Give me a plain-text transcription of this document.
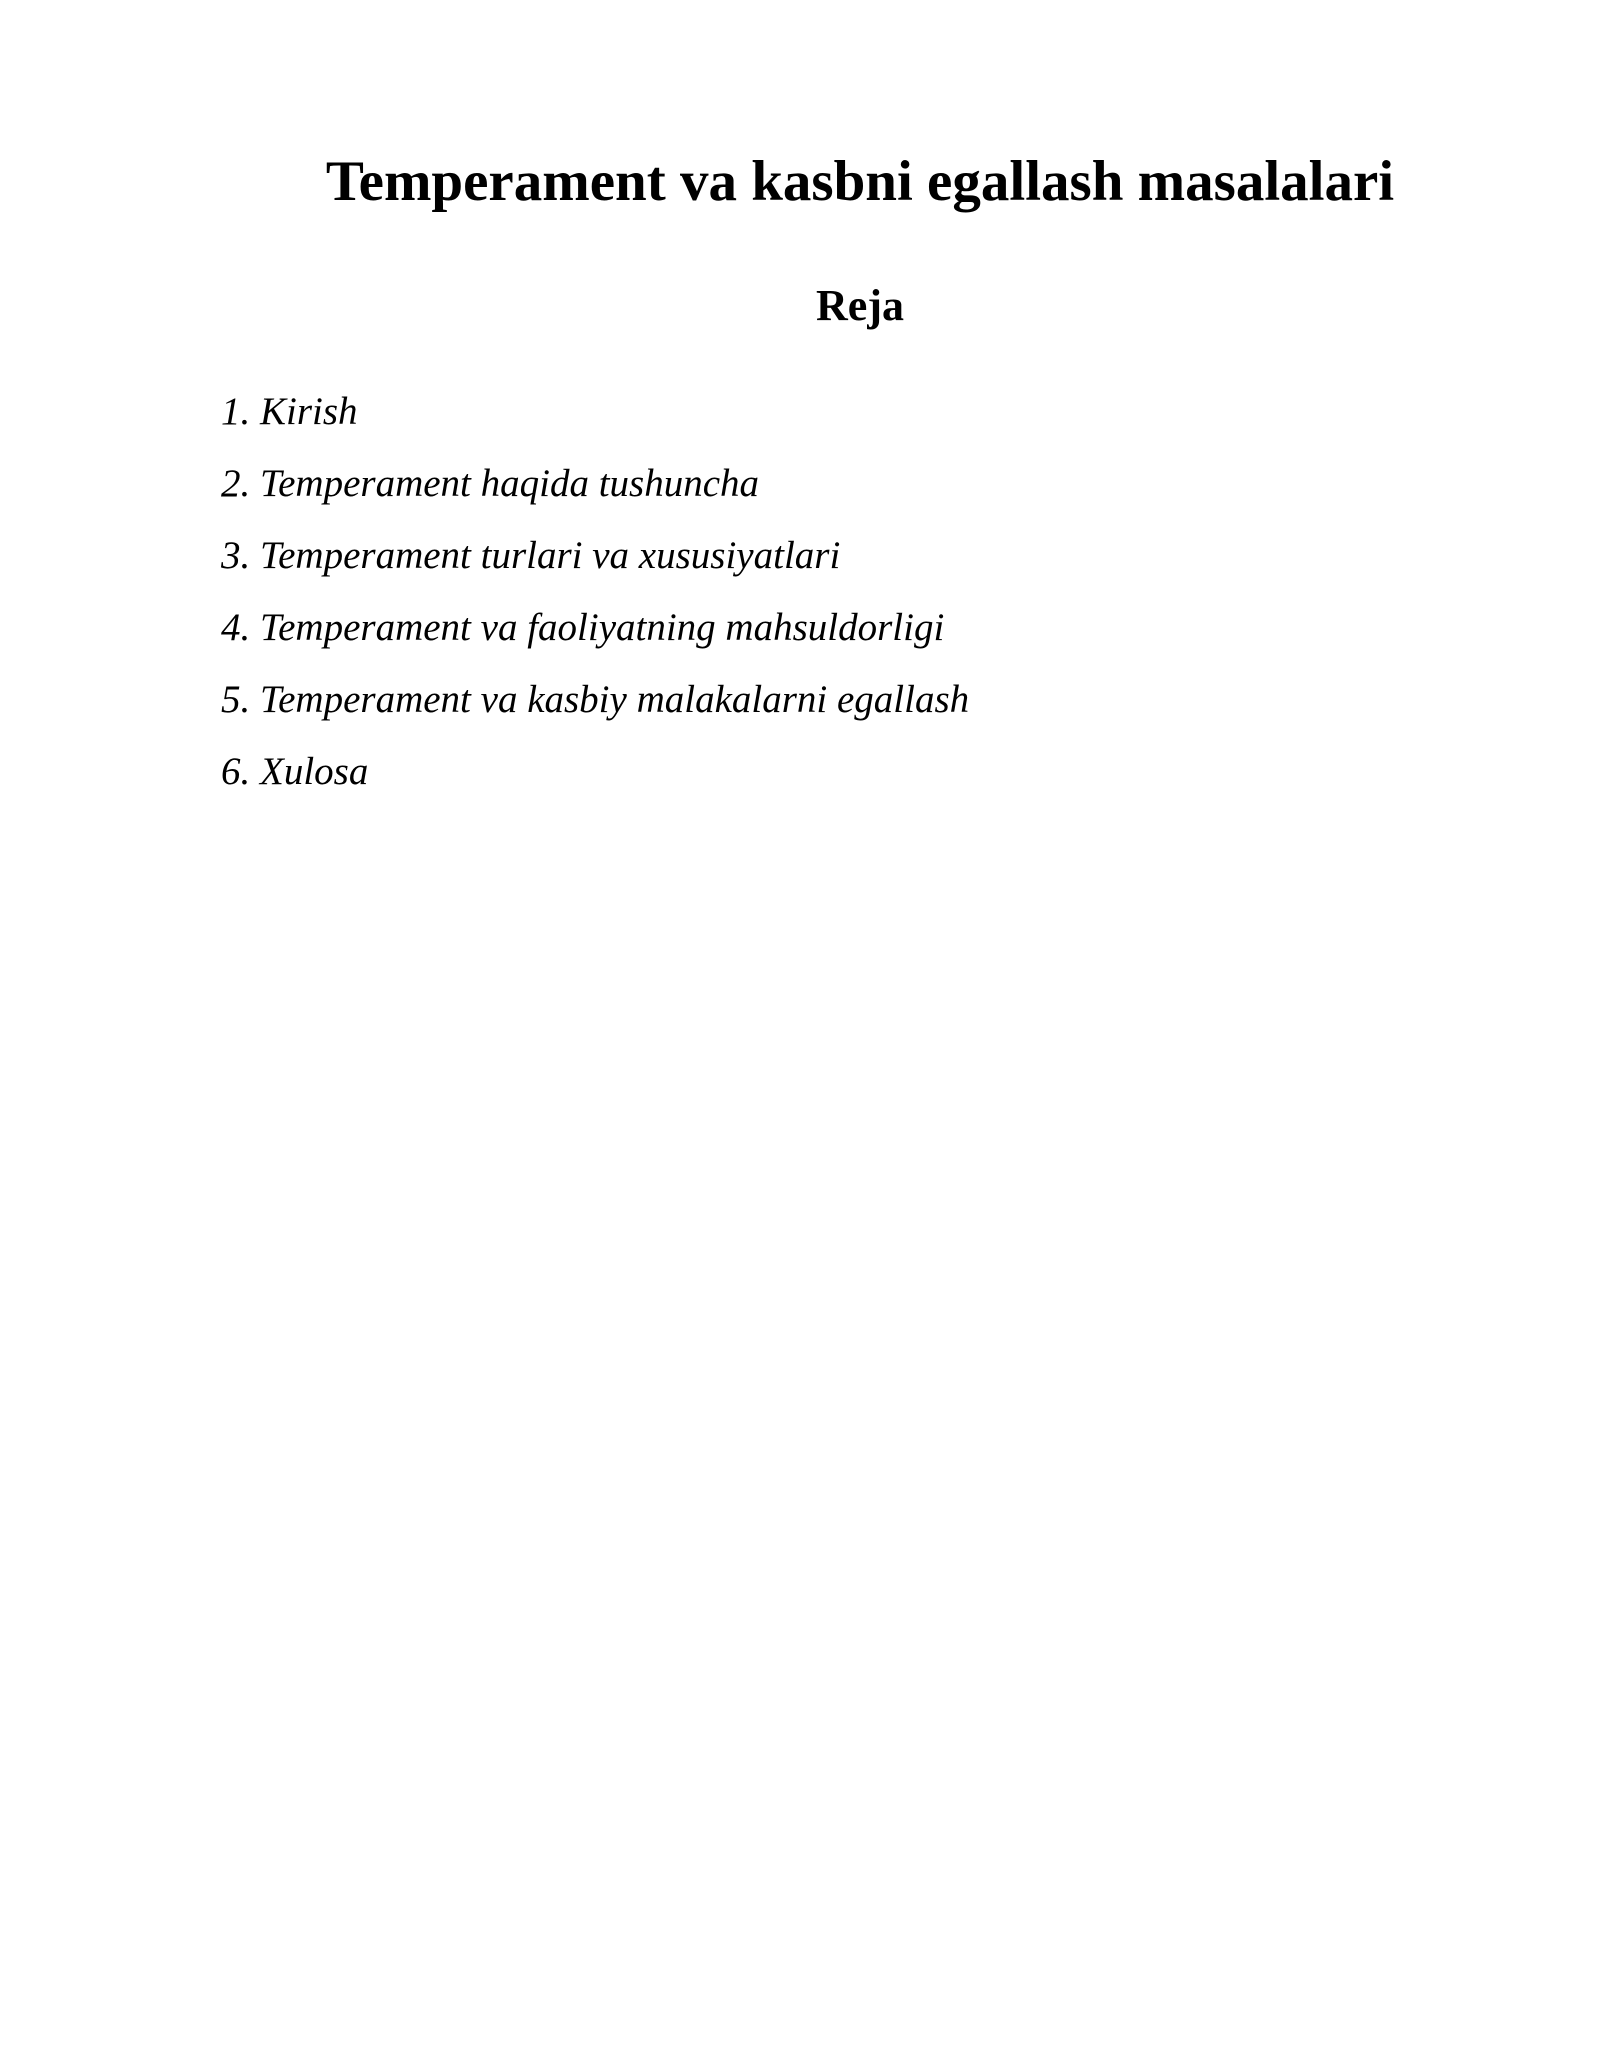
Temperament va kasbni egallash masalalari
Reja
1. Kirish
2. Temperament haqida tushuncha
3. Temperament turlari va xususiyatlari
4. Temperament va faoliyatning mahsuldorligi
5. Temperament va kasbiy malakalarni egallash
6. Xulosa
